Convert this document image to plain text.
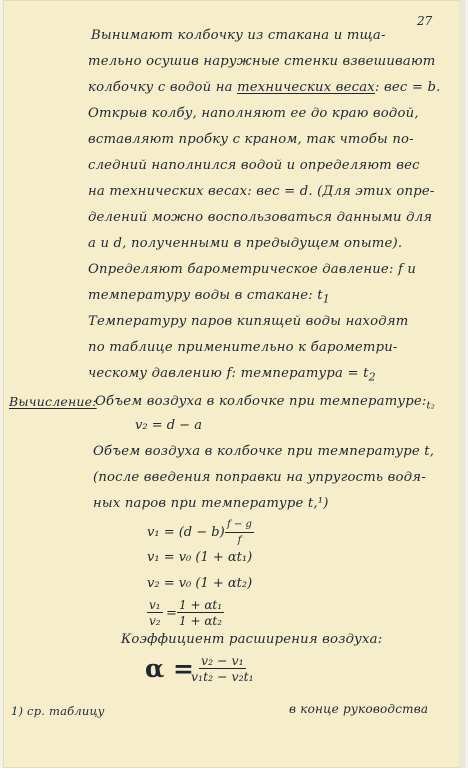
27
Вынимают колбочку из стакана и тща-
тельно осушив наружные стенки взвешивают
колбочку с водой на технических весах: вес = b.
Открыв колбу, наполняют ее до краю водой,
вставляют пробку с краном, так чтобы по-
следний наполнился водой и определяют вес
на технических весах: вес = d. (Для этих опре-
делений можно воспользоваться данными для
a и d, полученными в предыдущем опыте).
Определяют барометрическое давление: f и
температуру воды в стакане: $t_1$
Температуру паров кипящей воды находят
по таблице применительно к барометри-
ческому давлению f: температура = $t_2$
Вычисление:
Объем воздуха в колбочке при $температуре:_{t_2}$
v₂ = d − a
Объем воздуха в колбочке при температуре t,
(после введения поправки на упругость водя-
ных паров при температуре t,¹)
$v_1 = (d - b) \frac{f - g}{f}$
v₁ = v₀ (1 + αt₁)
v₂ = v₀ (1 + αt₂)
$\frac{\text{v₁}}{\text{v₂}} = \frac{\text{1 + αt₁}}{\text{1 + αt₂}}$
Коэффициент расширения воздуха:
α =
$\frac{\text{v₂ − v₁}}{\text{v₁t₂ − v₂t₁}}$
1) ср. таблицу	в конце руководства
